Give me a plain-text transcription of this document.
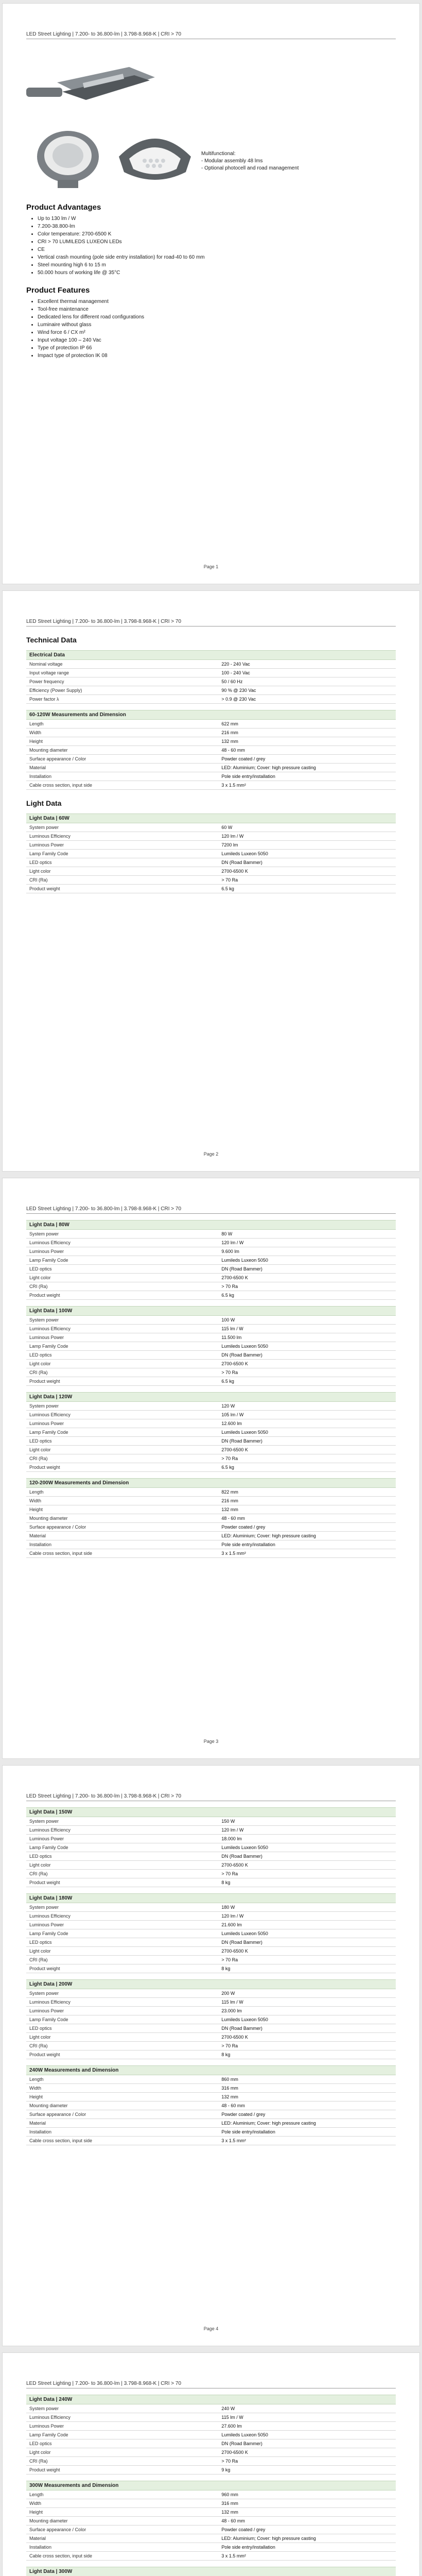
LED Street Lighting | 7.200- to 36.800-lm | 3.798-8.968-K | CRI > 70
Multifunctional:
- Modular assembly 48 lms
- Optional photocell and road management
Product Advantages
• Up to 130 lm / W
• 7.200-38.800-lm
• Color temperature: 2700-6500 K
• CRI > 70 LUMILEDS LUXEON LEDs
• CE
• Vertical crash mounting (pole side entry installation) for road-40 to 60 mm
• Steel mounting high 6 to 15 m
• 50.000 hours of working life @ 35°C
Product Features
• Excellent thermal management
• Tool-free maintenance
• Dedicated lens for different road configurations
• Luminaire without glass
• Wind force 6 / CX m²
• Input voltage 100 – 240 Vac
• Type of protection IP 66
• Impact type of protection IK 08
Page 1
LED Street Lighting | 7.200- to 36.800-lm | 3.798-8.968-K | CRI > 70
Technical Data
Electrical Data
Nominal voltage	220 - 240 Vac
Input voltage range	100 - 240 Vac
Power frequency	50 / 60 Hz
Efficiency (Power Supply)	90 % @ 230 Vac
Power factor λ	> 0.9 @ 230 Vac
60-120W Measurements and Dimension
Length	622 mm
Width	216 mm
Height	132 mm
Mounting diameter	48 - 60 mm
Surface appearance / Color	Powder coated / grey
Material	LED: Aluminium; Cover: high pressure casting
Installation	Pole side entry/installation
Cable cross section, input side	3 x 1.5 mm²
Light Data
Light Data | 60W
System power	60 W
Luminous Efficiency	120 lm / W
Luminous Power	7200 lm
Lamp Family Code	Lumileds Luxeon 5050
LED optics	DN (Road Bammer)
Light color	2700-6500 K
CRI (Ra)	> 70 Ra
Product weight	6.5 kg
Page 2
LED Street Lighting | 7.200- to 36.800-lm | 3.798-8.968-K | CRI > 70
Light Data | 80W
System power	80 W
Luminous Efficiency	120 lm / W
Luminous Power	9.600 lm
Lamp Family Code	Lumileds Luxeon 5050
LED optics	DN (Road Bammer)
Light color	2700-6500 K
CRI (Ra)	> 70 Ra
Product weight	6.5 kg
Light Data | 100W
System power	100 W
Luminous Efficiency	115 lm / W
Luminous Power	11.500 lm
Lamp Family Code	Lumileds Luxeon 5050
LED optics	DN (Road Bammer)
Light color	2700-6500 K
CRI (Ra)	> 70 Ra
Product weight	6.5 kg
Light Data | 120W
System power	120 W
Luminous Efficiency	105 lm / W
Luminous Power	12.600 lm
Lamp Family Code	Lumileds Luxeon 5050
LED optics	DN (Road Bammer)
Light color	2700-6500 K
CRI (Ra)	> 70 Ra
Product weight	6.5 kg
120-200W Measurements and Dimension
Length	822 mm
Width	216 mm
Height	132 mm
Mounting diameter	48 - 60 mm
Surface appearance / Color	Powder coated / grey
Material	LED: Aluminium; Cover: high pressure casting
Installation	Pole side entry/installation
Cable cross section, input side	3 x 1.5 mm²
Page 3
LED Street Lighting | 7.200- to 36.800-lm | 3.798-8.968-K | CRI > 70
Light Data | 150W
System power	150 W
Luminous Efficiency	120 lm / W
Luminous Power	18.000 lm
Lamp Family Code	Lumileds Luxeon 5050
LED optics	DN (Road Bammer)
Light color	2700-6500 K
CRI (Ra)	> 70 Ra
Product weight	8 kg
Light Data | 180W
System power	180 W
Luminous Efficiency	120 lm / W
Luminous Power	21.600 lm
Lamp Family Code	Lumileds Luxeon 5050
LED optics	DN (Road Bammer)
Light color	2700-6500 K
CRI (Ra)	> 70 Ra
Product weight	8 kg
Light Data | 200W
System power	200 W
Luminous Efficiency	115 lm / W
Luminous Power	23.000 lm
Lamp Family Code	Lumileds Luxeon 5050
LED optics	DN (Road Bammer)
Light color	2700-6500 K
CRI (Ra)	> 70 Ra
Product weight	8 kg
240W Measurements and Dimension
Length	860 mm
Width	316 mm
Height	132 mm
Mounting diameter	48 - 60 mm
Surface appearance / Color	Powder coated / grey
Material	LED: Aluminium; Cover: high pressure casting
Installation	Pole side entry/installation
Cable cross section, input side	3 x 1.5 mm²
Page 4
LED Street Lighting | 7.200- to 36.800-lm | 3.798-8.968-K | CRI > 70
Light Data | 240W
System power	240 W
Luminous Efficiency	115 lm / W
Luminous Power	27.600 lm
Lamp Family Code	Lumileds Luxeon 5050
LED optics	DN (Road Bammer)
Light color	2700-6500 K
CRI (Ra)	> 70 Ra
Product weight	9 kg
300W Measurements and Dimension
Length	960 mm
Width	316 mm
Height	132 mm
Mounting diameter	48 - 60 mm
Surface appearance / Color	Powder coated / grey
Material	LED: Aluminium; Cover: high pressure casting
Installation	Pole side entry/installation
Cable cross section, input side	3 x 1.5 mm²
Light Data | 300W
